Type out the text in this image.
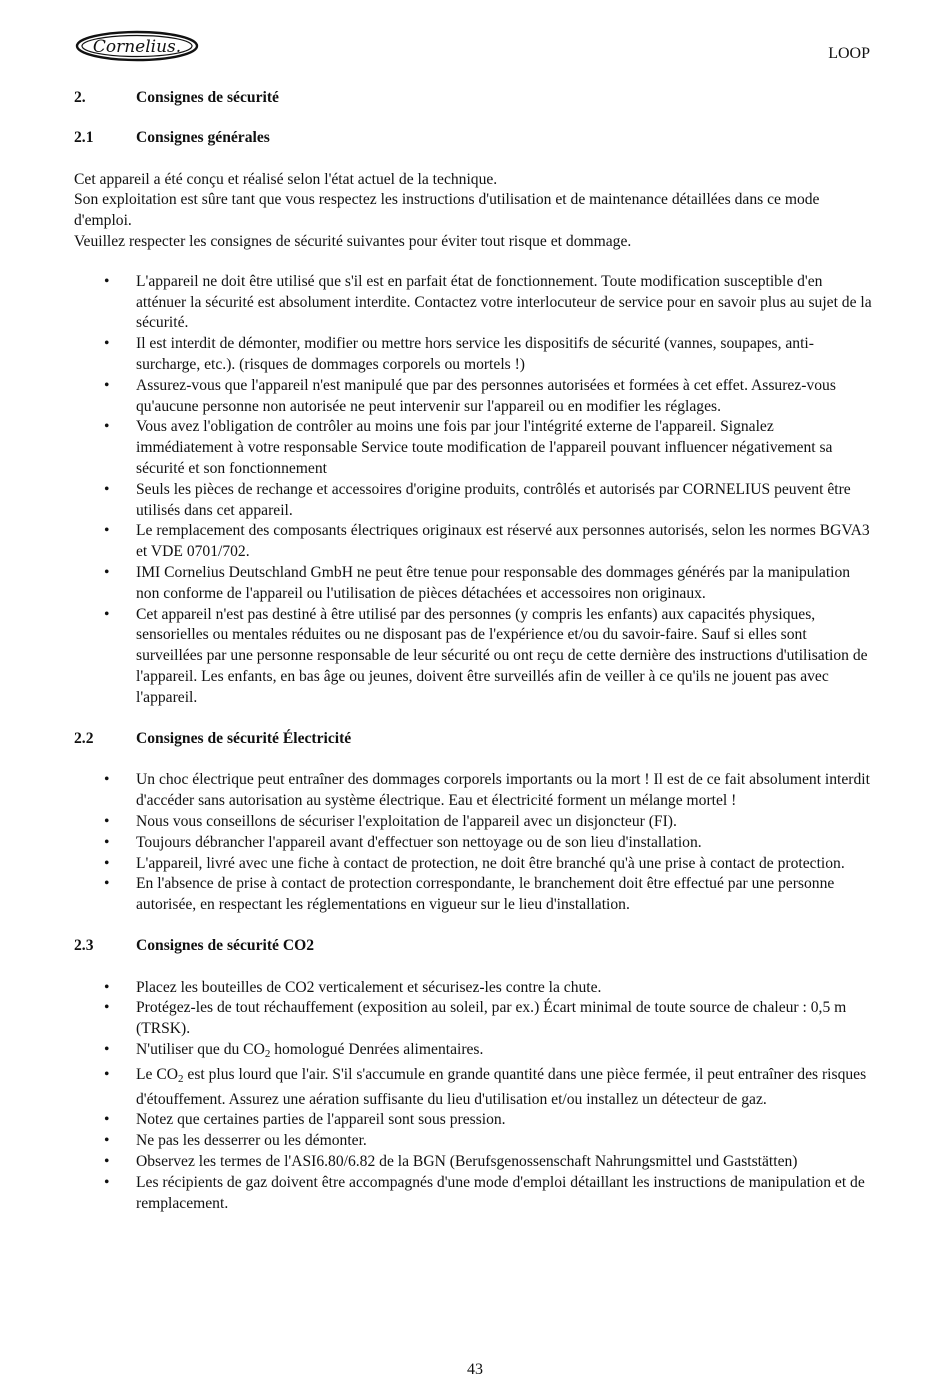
Cornelius.	LOOP
2.	Consignes de sécurité
2.1	Consignes générales

Cet appareil a été conçu et réalisé selon l'état actuel de la technique.

Son exploitation est sûre tant que vous respectez les instructions d'utilisation et de maintenance détaillées dans ce mode d'emploi.

Veuillez respecter les consignes de sécurité suivantes pour éviter tout risque et dommage.

• L'appareil ne doit être utilisé que s'il est en parfait état de fonctionnement. Toute modification susceptible d'en atténuer la sécurité est absolument interdite. Contactez votre interlocuteur de service pour en savoir plus au sujet de la sécurité.
• Il est interdit de démonter, modifier ou mettre hors service les dispositifs de sécurité (vannes, soupapes, anti-surcharge, etc.). (risques de dommages corporels ou mortels !)
• Assurez-vous que l'appareil n'est manipulé que par des personnes autorisées et formées à cet effet. Assurez-vous qu'aucune personne non autorisée ne peut intervenir sur l'appareil ou en modifier les réglages.
• Vous avez l'obligation de contrôler au moins une fois par jour l'intégrité externe de l'appareil. Signalez immédiatement à votre responsable Service toute modification de l'appareil pouvant influencer négativement sa sécurité et son fonctionnement
• Seuls les pièces de rechange et accessoires d'origine produits, contrôlés et autorisés par CORNELIUS peuvent être utilisés dans cet appareil.
• Le remplacement des composants électriques originaux est réservé aux personnes autorisés, selon les normes BGVA3 et VDE 0701/702.
• IMI Cornelius Deutschland GmbH ne peut être tenue pour responsable des dommages générés par la manipulation non conforme de l'appareil ou l'utilisation de pièces détachées et accessoires non originaux.
• Cet appareil n'est pas destiné à être utilisé par des personnes (y compris les enfants) aux capacités physiques, sensorielles ou mentales réduites ou ne disposant pas de l'expérience et/ou du savoir-faire. Sauf si elles sont surveillées par une personne responsable de leur sécurité ou ont reçu de cette dernière des instructions d'utilisation de l'appareil. Les enfants, en bas âge ou jeunes, doivent être surveillés afin de veiller à ce qu'ils ne jouent pas avec l'appareil.
2.2	Consignes de sécurité Électricité
• Un choc électrique peut entraîner des dommages corporels importants ou la mort ! Il est de ce fait absolument interdit d'accéder sans autorisation au système électrique. Eau et électricité forment un mélange mortel !
• Nous vous conseillons de sécuriser l'exploitation de l'appareil avec un disjoncteur (FI).
• Toujours débrancher l'appareil avant d'effectuer son nettoyage ou de son lieu d'installation.
• L'appareil, livré avec une fiche à contact de protection, ne doit être branché qu'à une prise à contact de protection.
• En l'absence de prise à contact de protection correspondante, le branchement doit être effectué par une personne autorisée, en respectant les réglementations en vigueur sur le lieu d'installation.
2.3	Consignes de sécurité CO2
• Placez les bouteilles de CO2 verticalement et sécurisez-les contre la chute.
• Protégez-les de tout réchauffement (exposition au soleil, par ex.) Écart minimal de toute source de chaleur : 0,5 m (TRSK).
• N'utiliser que du $CO_2$ homologué Denrées alimentaires.
• Le $CO_2$ est plus lourd que l'air. S'il s'accumule en grande quantité dans une pièce fermée, il peut entraîner des risques d'étouffement. Assurez une aération suffisante du lieu d'utilisation et/ou installez un détecteur de gaz.
• Notez que certaines parties de l'appareil sont sous pression.
• Ne pas les desserrer ou les démonter.
• Observez les termes de l'ASI6.80/6.82 de la BGN (Berufsgenossenschaft Nahrungsmittel und Gaststätten)
• Les récipients de gaz doivent être accompagnés d'une mode d'emploi détaillant les instructions de manipulation et de remplacement.
43
